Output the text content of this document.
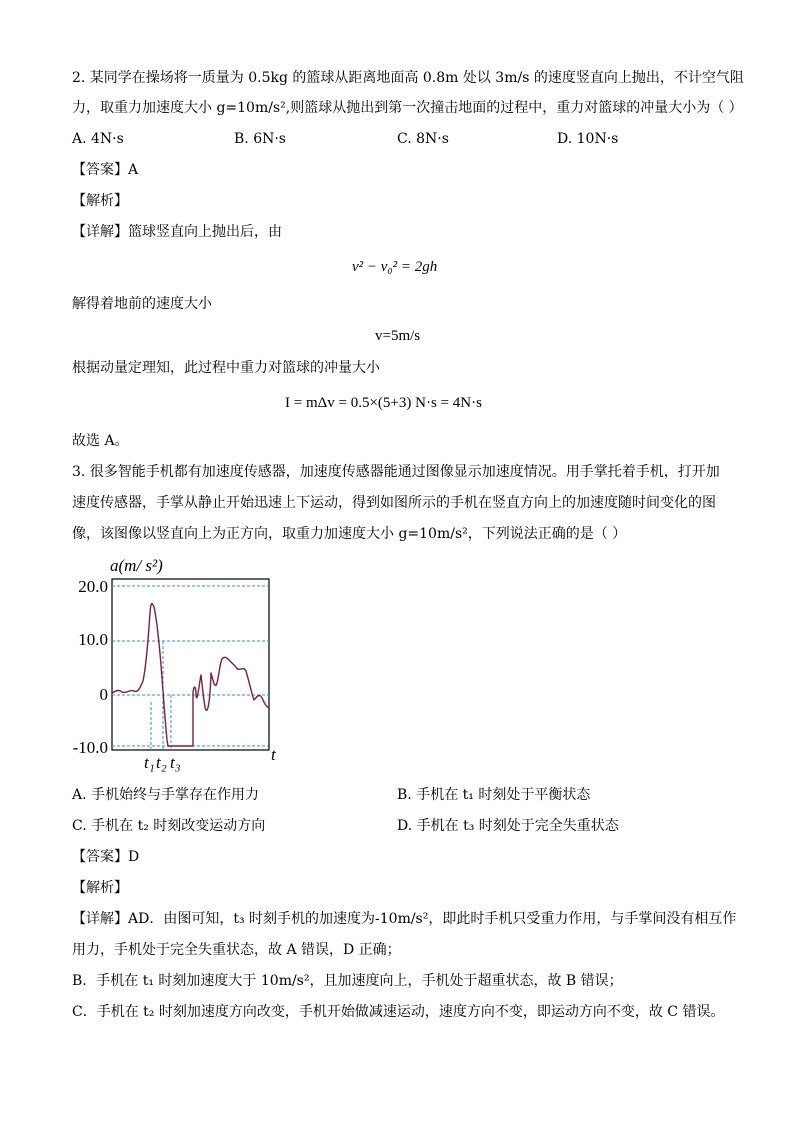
2. 某同学在操场将一质量为 0.5kg 的篮球从距离地面高 0.8m 处以 3m/s 的速度竖直向上抛出，不计空气阻
力，取重力加速度大小 g=10m/s²,则篮球从抛出到第一次撞击地面的过程中，重力对篮球的冲量大小为（ ）
A. 4N·s	B. 6N·s	C. 8N·s	D. 10N·s
【答案】A
【解析】
【详解】篮球竖直向上抛出后，由
v² − v₀² = 2gh
解得着地前的速度大小
v=5m/s
根据动量定理知，此过程中重力对篮球的冲量大小
I = mΔv = 0.5×(5+3) N·s = 4N·s
故选 A。
3. 很多智能手机都有加速度传感器，加速度传感器能通过图像显示加速度情况。用手掌托着手机，打开加
速度传感器，手掌从静止开始迅速上下运动，得到如图所示的手机在竖直方向上的加速度随时间变化的图
像，该图像以竖直向上为正方向，取重力加速度大小 g=10m/s²，下列说法正确的是（ ）
a(m/ s²)
20.0
10.0
0
-10.0	t
t₁ t₂ t₃
A. 手机始终与手掌存在作用力	B. 手机在 t₁ 时刻处于平衡状态
C. 手机在 t₂ 时刻改变运动方向	D. 手机在 t₃ 时刻处于完全失重状态
【答案】D
【解析】
【详解】AD．由图可知，t₃ 时刻手机的加速度为-10m/s²，即此时手机只受重力作用，与手掌间没有相互作
用力，手机处于完全失重状态，故 A 错误，D 正确；
B．手机在 t₁ 时刻加速度大于 10m/s²，且加速度向上，手机处于超重状态，故 B 错误；
C．手机在 t₂ 时刻加速度方向改变，手机开始做减速运动，速度方向不变，即运动方向不变，故 C 错误。
